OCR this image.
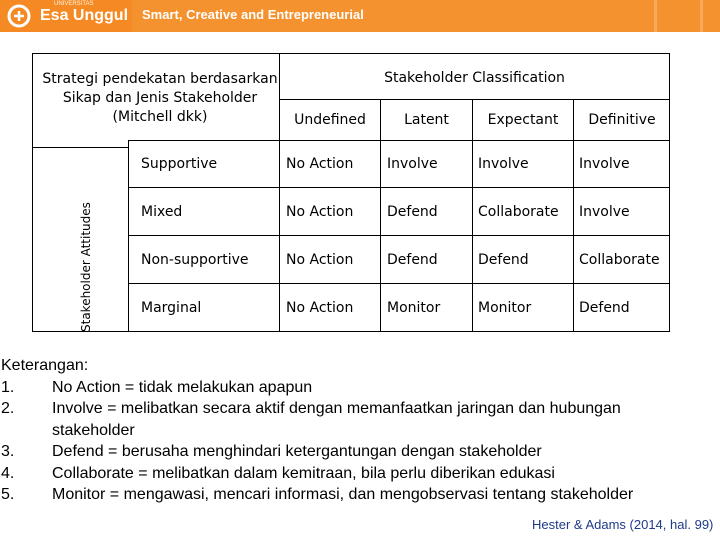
UNIVERSITAS
Esa Unggul Smart, Creative and Entrepreneurial
Strategi pendekatan berdasarkan Sikap dan Jenis Stakeholder (Mitchell dkk)
Stakeholder Attitudes
Stakeholder Classification
Undefined	Latent	Expectant	Definitive
Supportive	No Action	Involve	Involve	Involve
Mixed	No Action	Defend	Collaborate	Involve
Non-supportive	No Action	Defend	Defend	Collaborate
Marginal	No Action	Monitor	Monitor	Defend
Keterangan:
1.	No Action = tidak melakukan apapun
2.	Involve = melibatkan secara aktif dengan memanfaatkan jaringan dan hubungan stakeholder
3.	Defend = berusaha menghindari ketergantungan dengan stakeholder
4.	Collaborate = melibatkan dalam kemitraan, bila perlu diberikan edukasi
5.	Monitor = mengawasi, mencari informasi, dan mengobservasi tentang stakeholder
Hester & Adams (2014, hal. 99)
